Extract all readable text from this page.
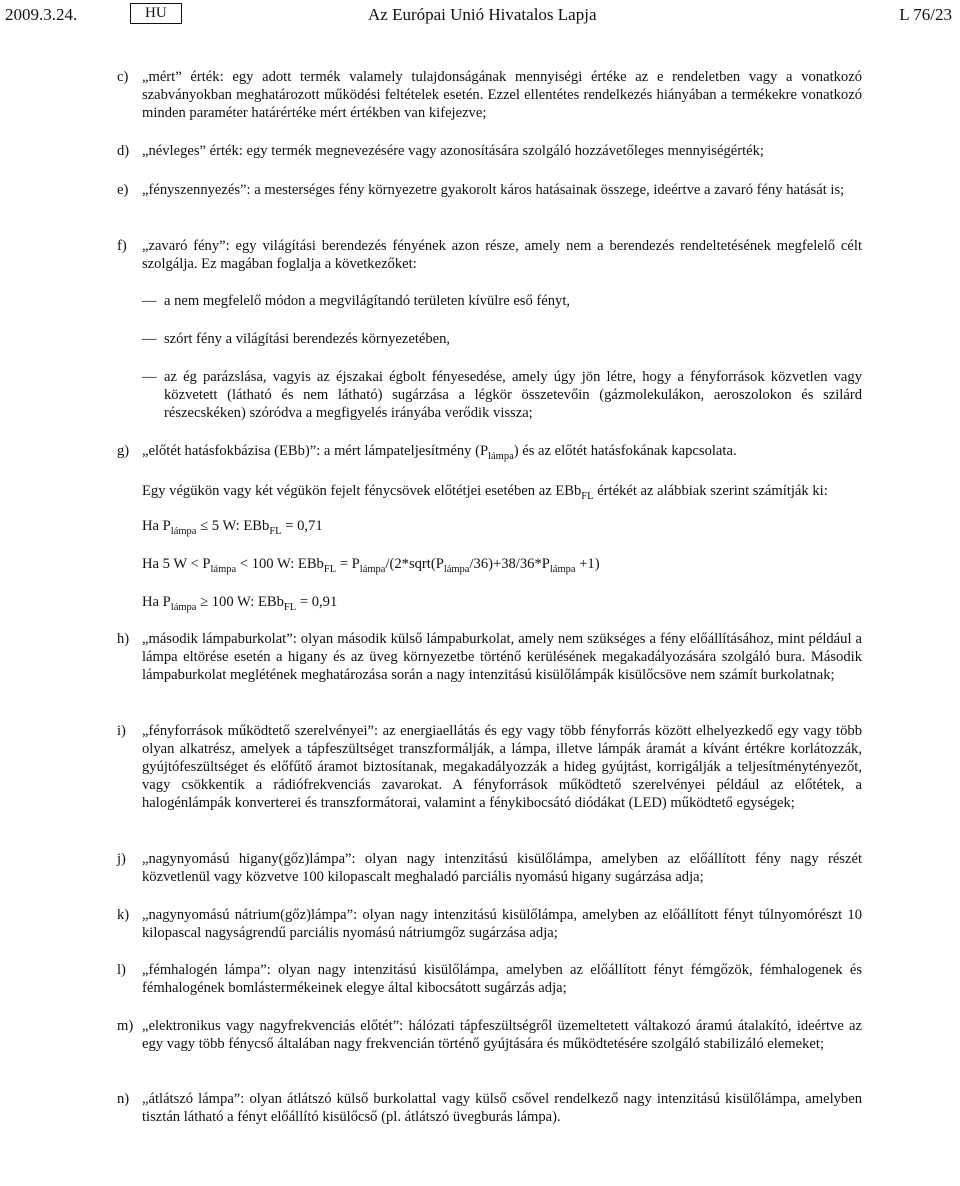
2009.3.24.	HU	Az Európai Unió Hivatalos Lapja	L 76/23
c) „mért” érték: egy adott termék valamely tulajdonságának mennyiségi értéke az e rendeletben vagy a vonatkozó szabványokban meghatározott működési feltételek esetén. Ezzel ellentétes rendelkezés hiányában a termékekre vonatkozó minden paraméter határértéke mért értékben van kifejezve;
d) „névleges” érték: egy termék megnevezésére vagy azonosítására szolgáló hozzávetőleges mennyiségérték;
e) „fényszennyezés”: a mesterséges fény környezetre gyakorolt káros hatásainak összege, ideértve a zavaró fény hatását is;
f) „zavaró fény”: egy világítási berendezés fényének azon része, amely nem a berendezés rendeltetésének megfelelő célt szolgálja. Ez magában foglalja a következőket:
— a nem megfelelő módon a megvilágítandó területen kívülre eső fényt,
— szórt fény a világítási berendezés környezetében,
— az ég parázslása, vagyis az éjszakai égbolt fényesedése, amely úgy jön létre, hogy a fényforrások közvetlen vagy közvetett (látható és nem látható) sugárzása a légkör összetevőin (gázmolekulákon, aeroszolokon és szilárd részecskéken) szóródva a megfigyelés irányába verődik vissza;
g) „előtét hatásfokbázisa (EBb)”: a mért lámpateljesítmény $(P_{lámpa})$ és az előtét hatásfokának kapcsolata.
Egy végükön vagy két végükön fejelt fénycsövek előtétjei esetében az EBb$_{FL}$ értékét az alábbiak szerint számítják ki:
Ha $P_{lámpa} \le 5$ W: EBb$_{FL}$ = 0,71
Ha 5 $W < P_{lámpa} < 100$ W: $EBb_{FL} = P_{lámpa}/(2*sqrt(P_{lámpa}/36)+38/36*P_{lámpa} +1)$
Ha $P_{lámpa} \ge 100$ W: EBb$_{FL}$ = 0,91
h) „második lámpaburkolat”: olyan második külső lámpaburkolat, amely nem szükséges a fény előállításához, mint például a lámpa eltörése esetén a higany és az üveg környezetbe történő kerülésének megakadályozására szolgáló bura. Második lámpaburkolat meglétének meghatározása során a nagy intenzitású kisülőlámpák kisülőcsöve nem számít burkolatnak;
i) „fényforrások működtető szerelvényei”: az energiaellátás és egy vagy több fényforrás között elhelyezkedő egy vagy több olyan alkatrész, amelyek a tápfeszültséget transzformálják, a lámpa, illetve lámpák áramát a kívánt értékre korlátozzák, gyújtófeszültséget és előfűtő áramot biztosítanak, megakadályozzák a hideg gyújtást, korrigálják a teljesítménytényezőt, vagy csökkentik a rádiófrekvenciás zavarokat. A fényforrások működtető szerelvényei például az előtétek, a halogénlámpák konverterei és transzformátorai, valamint a fénykibocsátó diódákat (LED) működtető egységek;
j) „nagynyomású higany(gőz)lámpa”: olyan nagy intenzitású kisülőlámpa, amelyben az előállított fény nagy részét közvetlenül vagy közvetve 100 kilopascalt meghaladó parciális nyomású higany sugárzása adja;
k) „nagynyomású nátrium(gőz)lámpa”: olyan nagy intenzitású kisülőlámpa, amelyben az előállított fényt túlnyomórészt 10 kilopascal nagyságrendű parciális nyomású nátriumgőz sugárzása adja;
l) „fémhalogén lámpa”: olyan nagy intenzitású kisülőlámpa, amelyben az előállított fényt fémgőzök, fémhalogenek és fémhalogének bomlástermékeinek elegye által kibocsátott sugárzás adja;
m) „elektronikus vagy nagyfrekvenciás előtét”: hálózati tápfeszültségről üzemeltetett váltakozó áramú átalakító, ideértve az egy vagy több fénycső általában nagy frekvencián történő gyújtására és működtetésére szolgáló stabilizáló elemeket;
n) „átlátszó lámpa”: olyan átlátszó külső burkolattal vagy külső csővel rendelkező nagy intenzitású kisülőlámpa, amelyben tisztán látható a fényt előállító kisülőcső (pl. átlátszó üvegburás lámpa).
